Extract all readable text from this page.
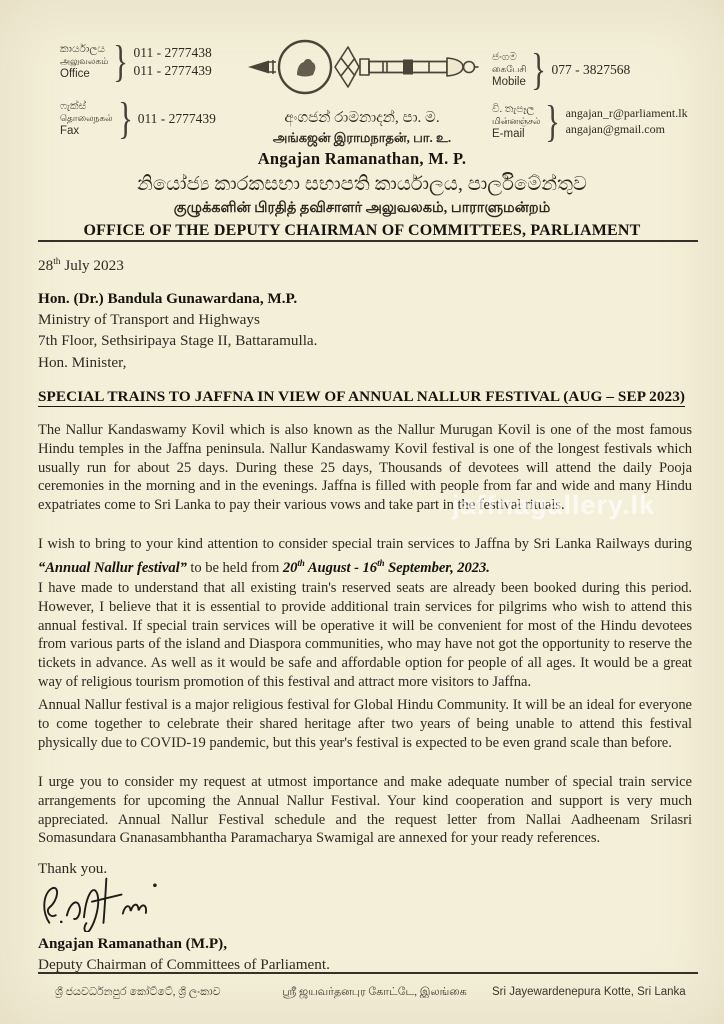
කාර්යාලය
அலுவலகம்
Office } 011 - 2777438
011 - 2777439
ෆැක්ස්
தொலைநகல்
Fax } 011 - 2777439
ජංගම
கைபேசி
Mobile } 077 - 3827568
වි. තැපෑල
மின்னஞ்சல்
E-mail } angajan_r@parliament.lk
angajan@gmail.com
අංගජන් රාමනාදන්, පා. ම.
அங்கஜன் இராமநாதன், பா. உ.
Angajan Ramanathan, M. P.
නියෝජ්‍ය කාරකසභා සභාපති කාර්යාලය, පාර්ලිමේන්තුව
குழுக்களின் பிரதித் தவிசாளர் அலுவலகம், பாராளுமன்றம்
OFFICE OF THE DEPUTY CHAIRMAN OF COMMITTEES, PARLIAMENT
28th July 2023
Hon. (Dr.) Bandula Gunawardana, M.P.
Ministry of Transport and Highways
7th Floor, Sethsiripaya Stage II, Battaramulla.
Hon. Minister,
SPECIAL TRAINS TO JAFFNA IN VIEW OF ANNUAL NALLUR FESTIVAL (AUG – SEP 2023)
The Nallur Kandaswamy Kovil which is also known as the Nallur Murugan Kovil is one of the most famous Hindu temples in the Jaffna peninsula. Nallur Kandaswamy Kovil festival is one of the longest festivals which usually run for about 25 days. During these 25 days, Thousands of devotees will attend the daily Pooja ceremonies in the morning and in the evenings. Jaffna is filled with people from far and wide and many Hindu expatriates come to Sri Lanka to pay their various vows and take part in the festival rituals.
I wish to bring to your kind attention to consider special train services to Jaffna by Sri Lanka Railways during “Annual Nallur festival” to be held from 20th August - 16th September, 2023.
I have made to understand that all existing train's reserved seats are already been booked during this period. However, I believe that it is essential to provide additional train services for pilgrims who wish to attend this annual festival. If special train services will be operative it will be convenient for most of the Hindu devotees from various parts of the island and Diaspora communities, who may have not got the opportunity to reserve the tickets in advance. As well as it would be safe and affordable option for people of all ages. It would be a great way of religious tourism promotion of this festival and attract more visitors to Jaffna.
Annual Nallur festival is a major religious festival for Global Hindu Community. It will be an ideal for everyone to come together to celebrate their shared heritage after two years of being unable to attend this festival physically due to COVID-19 pandemic, but this year's festival is expected to be even grand scale than before.
I urge you to consider my request at utmost importance and make adequate number of special train service arrangements for upcoming the Annual Nallur Festival. Your kind cooperation and support is very much appreciated. Annual Nallur Festival schedule and the request letter from Nallai Aadheenam Srilasri Somasundara Gnanasambhantha Paramacharya Swamigal are annexed for your ready references.
Thank you.
Angajan Ramanathan (M.P),
Deputy Chairman of Committees of Parliament.
ශ්‍රී ජයවර්ධනපුර කෝට්ටේ, ශ්‍රී ලංකාව	ஸ்ரீ ஜயவர்தனபுர கோட்டே, இலங்கை Sri Jayewardenepura Kotte, Sri Lanka
jaffnagallery.lk
